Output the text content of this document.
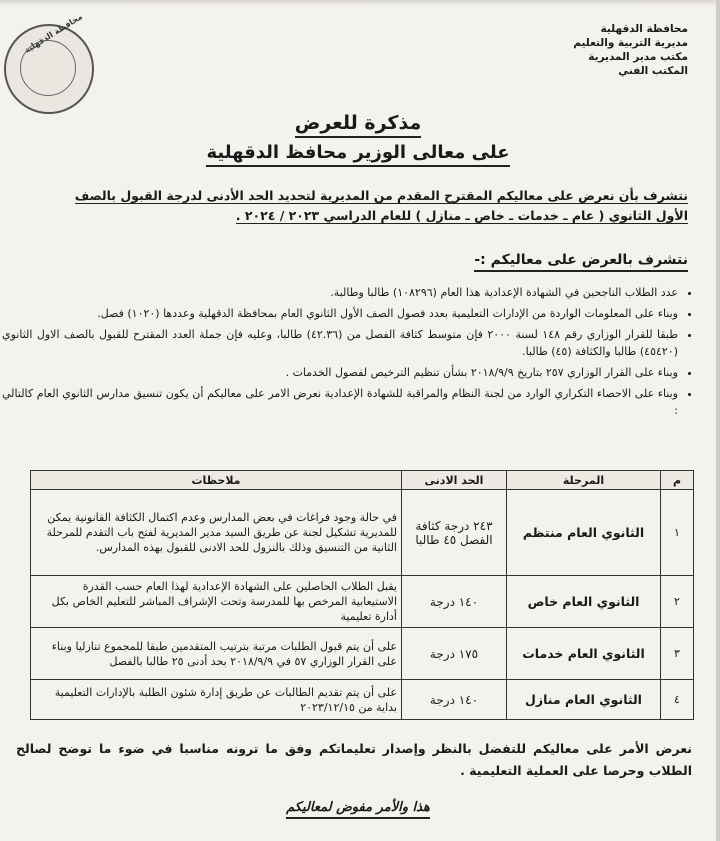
محافظة الدقهلية	محافظة الدقهلية
مديرية التربية والتعليم
مكتب مدير المديرية
المكتب الفني
مذكرة للعرض
على معالى الوزير محافظ الدقهلية
نتشرف بأن نعرض على معاليكم المقترح المقدم من المديرية لتحديد الحد الأدنى لدرجة القبول بالصف
الأول الثانوي ( عام ـ خدمات ـ خاص ـ منازل ) للعام الدراسي ٢٠٢٣ / ٢٠٢٤ .
نتشرف بالعرض على معاليكم :-
• عدد الطلاب الناجحين في الشهادة الإعدادية هذا العام (١٠٨٢٩٦) طالبا وطالبة.
• وبناء على المعلومات الواردة من الإدارات التعليمية بعدد فصول الصف الأول الثانوي العام بمحافظة الدقهلية وعددها (١٠٢٠) فصل.
• طبقا للقرار الوزاري رقم ١٤٨ لسنة ٢٠٠٠ فإن متوسط كثافة الفصل من (٤٢.٣٦) طالبا، وعليه فإن جملة العدد المقترح للقبول بالصف الاول الثانوي (٤٥٤٢٠) طالبا والكثافة (٤٥) طالبا.
• وبناء على القرار الوزاري ٢٥٧ بتاريخ ٢٠١٨/٩/٩ بشأن تنظيم الترخيص لفصول الخدمات .
• وبناء على الاحصاء التكراري الوارد من لجنة النظام والمراقبة للشهادة الإعدادية نعرض الامر على معاليكم أن يكون تنسيق مدارس الثانوي العام كالتالي :
م	المرحلة	الحد الادنى	ملاحظات
١	الثانوي العام منتظم	٢٤٣ درجة كثافة الفصل ٤٥ طالبا	في حالة وجود فراغات في بعض المدارس وعدم اكتمال الكثافة القانونية يمكن للمديرية تشكيل لجنة عن طريق السيد مدير المديرية لفتح باب التقدم للمرحلة الثانية من التنسيق وذلك بالنزول للحد الادنى للقبول بهذه المدارس.
٢	الثانوي العام خاص	١٤٠ درجة	يقبل الطلاب الحاصلين على الشهادة الإعدادية لهذا العام حسب القدرة الاستيعابية المرخص بها للمدرسة وتحت الإشراف المباشر للتعليم الخاص بكل أدارة تعليمية
٣	الثانوي العام خدمات	١٧٥ درجة	على أن يتم قبول الطلبات مرتبة بترتيب المتقدمين طبقا للمجموع تنازليا وبناء على القرار الوزاري ٥٧ في ٢٠١٨/٩/٩ بحد أدنى ٢٥ طالبا بالفصل
٤	الثانوي العام منازل	١٤٠ درجة	على أن يتم تقديم الطالبات عن طريق إدارة شئون الطلبة بالإدارات التعليمية بداية من ٢٠٢٣/١٢/١٥
نعرض الأمر على معاليكم للتفضل بالنظر وإصدار تعليماتكم وفق ما ترونه مناسبا في ضوء ما توضح لصالح الطلاب وحرصا على العملية التعليمية .
هذا والأمر مفوض لمعاليكم
